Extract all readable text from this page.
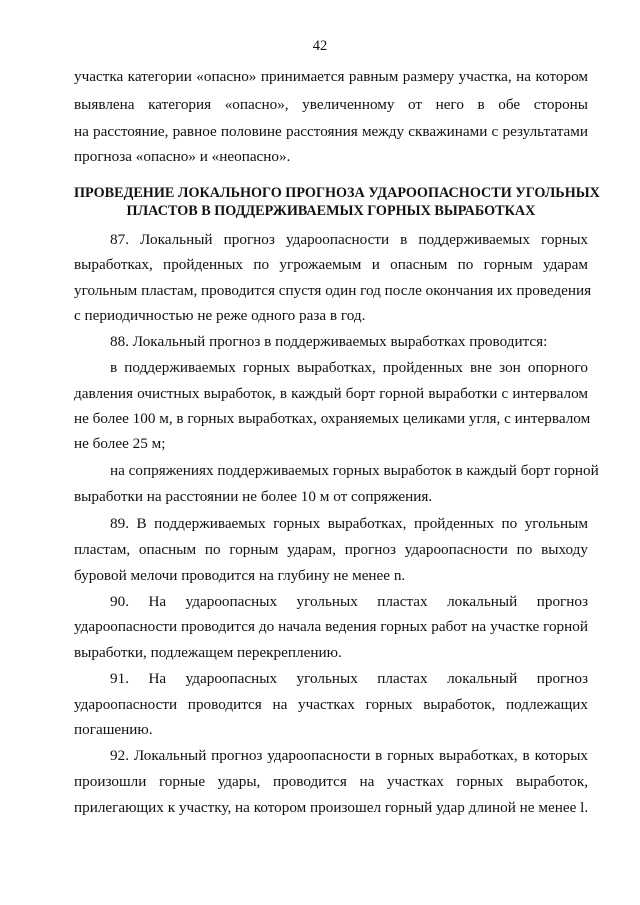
42
участка категории «опасно» принимается равным размеру участка, на котором
выявлена категория «опасно», увеличенному от него в обе стороны
на расстояние, равное половине расстояния между скважинами с результатами
прогноза «опасно» и «неопасно».
ПРОВЕДЕНИЕ ЛОКАЛЬНОГО ПРОГНОЗА УДАРООПАСНОСТИ УГОЛЬНЫХ
ПЛАСТОВ В ПОДДЕРЖИВАЕМЫХ ГОРНЫХ ВЫРАБОТКАХ
87. Локальный прогноз удароопасности в поддерживаемых горных
выработках, пройденных по угрожаемым и опасным по горным ударам
угольным пластам, проводится спустя один год после окончания их проведения
с периодичностью не реже одного раза в год.
88. Локальный прогноз в поддерживаемых выработках проводится:
в поддерживаемых горных выработках, пройденных вне зон опорного
давления очистных выработок, в каждый борт горной выработки с интервалом
не более 100 м, в горных выработках, охраняемых целиками угля, с интервалом
не более 25 м;
на сопряжениях поддерживаемых горных выработок в каждый борт горной
выработки на расстоянии не более 10 м от сопряжения.
89. В поддерживаемых горных выработках, пройденных по угольным
пластам, опасным по горным ударам, прогноз удароопасности по выходу
буровой мелочи проводится на глубину не менее n.
90. На удароопасных угольных пластах локальный прогноз
удароопасности проводится до начала ведения горных работ на участке горной
выработки, подлежащем перекреплению.
91. На удароопасных угольных пластах локальный прогноз
удароопасности проводится на участках горных выработок, подлежащих
погашению.
92. Локальный прогноз удароопасности в горных выработках, в которых
произошли горные удары, проводится на участках горных выработок,
прилегающих к участку, на котором произошел горный удар длиной не менее l.
